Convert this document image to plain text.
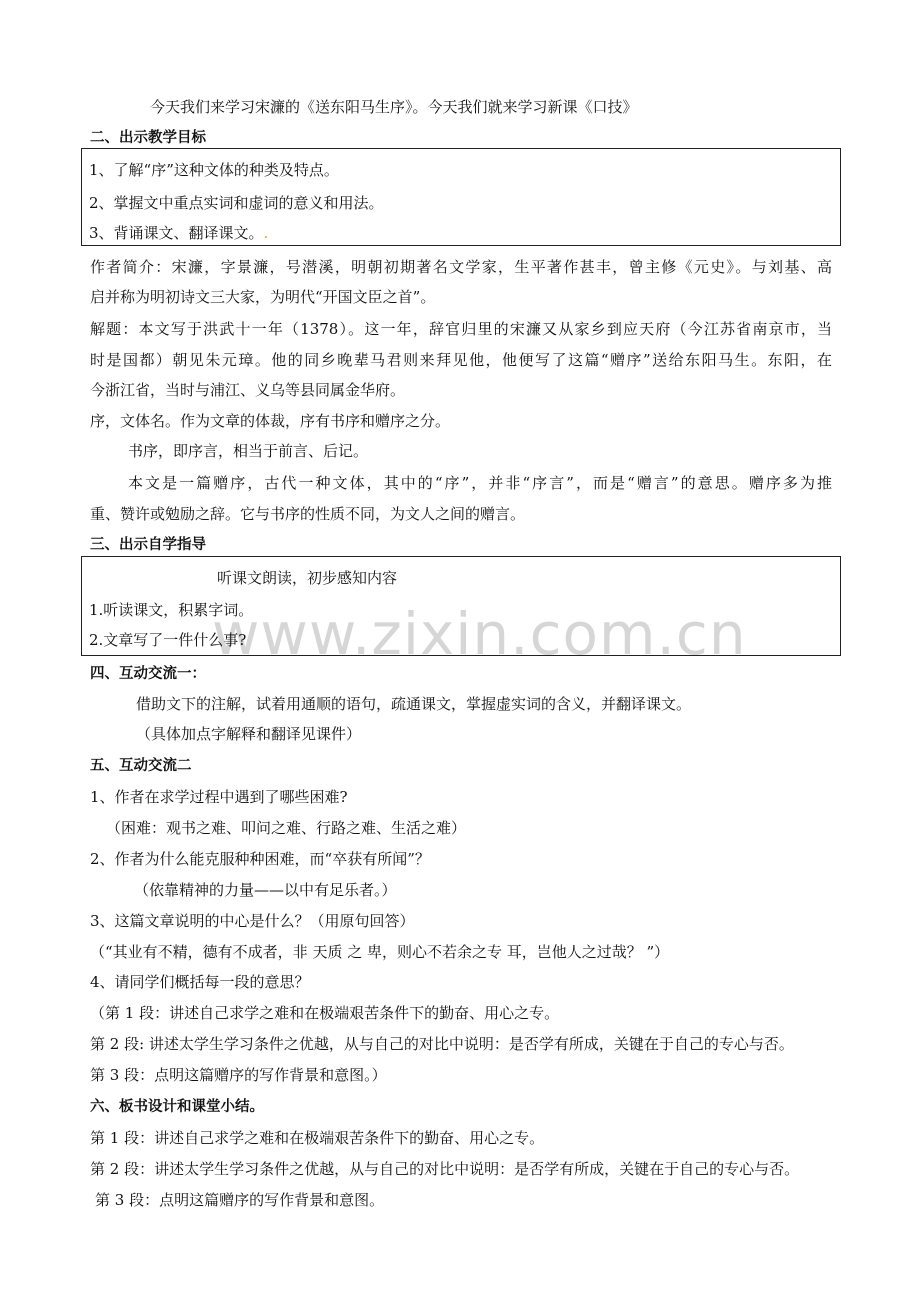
www.zixin.com.cn
今天我们来学习宋濂的《送东阳马生序》。今天我们就来学习新课《口技》
二、出示教学目标
1、了解“序”这种文体的种类及特点。
2、掌握文中重点实词和虚词的意义和用法。
3、背诵课文、翻译课文。.
作者简介：宋濂，字景濂，号潜溪，明朝初期著名文学家，生平著作甚丰，曾主修《元史》。与刘基、高
启并称为明初诗文三大家，为明代“开国文臣之首”。
解题：本文写于洪武十一年（1378）。这一年，辞官归里的宋濂又从家乡到应天府（今江苏省南京市，当
时是国都）朝见朱元璋。他的同乡晚辈马君则来拜见他，他便写了这篇“赠序”送给东阳马生。东阳，在
今浙江省，当时与浦江、义乌等县同属金华府。
序，文体名。作为文章的体裁，序有书序和赠序之分。
书序，即序言，相当于前言、后记。
本文是一篇赠序，古代一种文体，其中的“序”，并非“序言”，而是“赠言”的意思。赠序多为推
重、赞许或勉励之辞。它与书序的性质不同，为文人之间的赠言。
三、出示自学指导
听课文朗读，初步感知内容
1.听读课文，积累字词。
2.文章写了一件什么事?
四、互动交流一：
借助文下的注解，试着用通顺的语句，疏通课文，掌握虚实词的含义，并翻译课文。
（具体加点字解释和翻译见课件）
五、互动交流二
1、作者在求学过程中遇到了哪些困难?
（困难：观书之难、叩问之难、行路之难、生活之难）
2、作者为什么能克服种种困难，而“卒获有所闻”？
（依靠精神的力量——以中有足乐者。）
3、这篇文章说明的中心是什么？（用原句回答）
（“其业有不精，德有不成者，非 天质 之 卑，则心不若余之专 耳，岂他人之过哉？ ”）
4、请同学们概括每一段的意思？
（第 1 段：讲述自己求学之难和在极端艰苦条件下的勤奋、用心之专。
第 2 段: 讲述太学生学习条件之优越，从与自己的对比中说明：是否学有所成，关键在于自己的专心与否。
第 3 段：点明这篇赠序的写作背景和意图。）
六、板书设计和课堂小结。
第 1 段：讲述自己求学之难和在极端艰苦条件下的勤奋、用心之专。
第 2 段：讲述太学生学习条件之优越，从与自己的对比中说明：是否学有所成，关键在于自己的专心与否。
第 3 段：点明这篇赠序的写作背景和意图。
